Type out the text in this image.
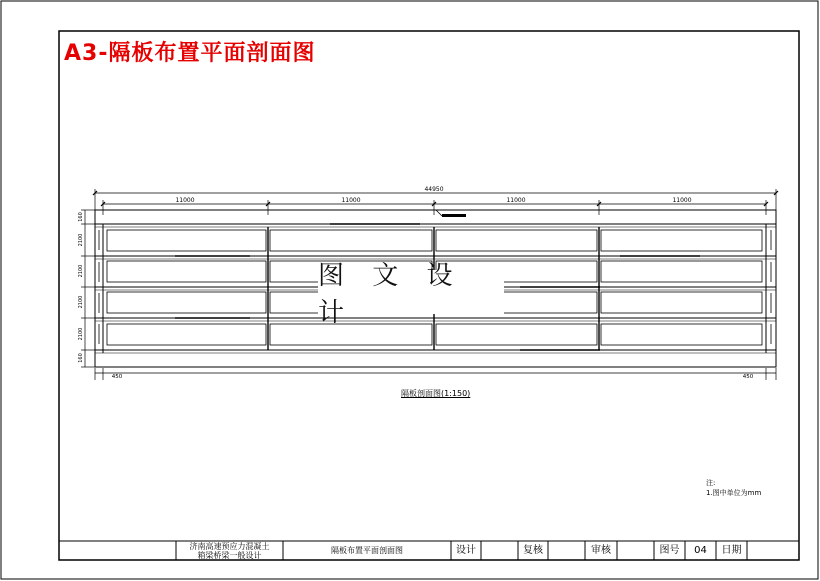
44950
11000	11000	11000	11000
160
2100
2100
2100
2100
160
450	450
A3-隔板布置平面剖面图
图 文 设 计
隔板剖面图(1:150)
注:
1.图中单位为mm
济南高速预应力混凝土
箱梁桥梁一般设计	隔板布置平面剖面图	设计	复核	审核	图号	04	日期
